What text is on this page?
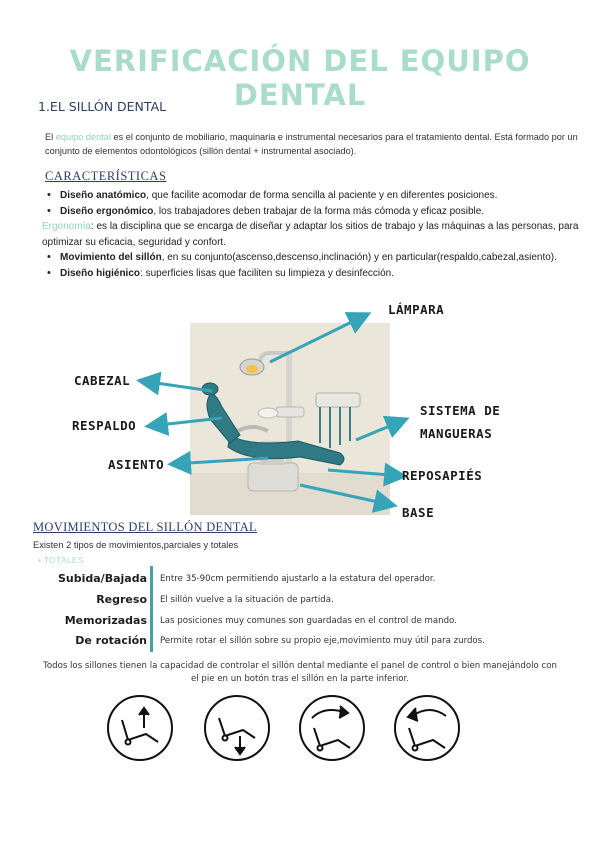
VERIFICACIÓN DEL EQUIPO DENTAL
1.EL SILLÓN DENTAL
El equipo dental es el conjunto de mobiliario, maquinaria e instrumental necesarios para el tratamiento dental. Está formado por un conjunto de elementos odontológicos (sillón dental + instrumental asociado).
CARACTERÍSTICAS
• Diseño anatómico, que facilite acomodar de forma sencilla al paciente y en diferentes posiciones.
• Diseño ergonómico, los trabajadores deben trabajar de la forma más cómoda y eficaz posible.
Ergonomía: es la disciplina que se encarga de diseñar y adaptar los sitios de trabajo y las máquinas a las personas, para optimizar su eficacia, seguridad y confort.
• Movimiento del sillón, en su conjunto(ascenso,descenso,inclinación) y en particular(respaldo,cabezal,asiento).
• Diseño higiénico: superficies lisas que faciliten su limpieza y desinfección.
LÁMPARA
CABEZAL
RESPALDO
ASIENTO
SISTEMA DE
MANGUERAS
REPOSAPIÉS
BASE
MOVIMIENTOS DEL SILLÓN DENTAL
Existen 2 tipos de movimientos,parciales y totales
• TOTALES
Subida/Bajada Entre 35-90cm permitiendo ajustarlo a la estatura del operador.
Regreso El sillón vuelve a la situación de partida.
Memorizadas Las posiciones muy comunes son guardadas en el control de mando.
De rotación Permite rotar el sillón sobre su propio eje,movimiento muy útil para zurdos.
Todos los sillones tienen la capacidad de controlar el sillón dental mediante el panel de control o bien manejándolo con el pie en un botón tras el sillón en la parte inferior.
